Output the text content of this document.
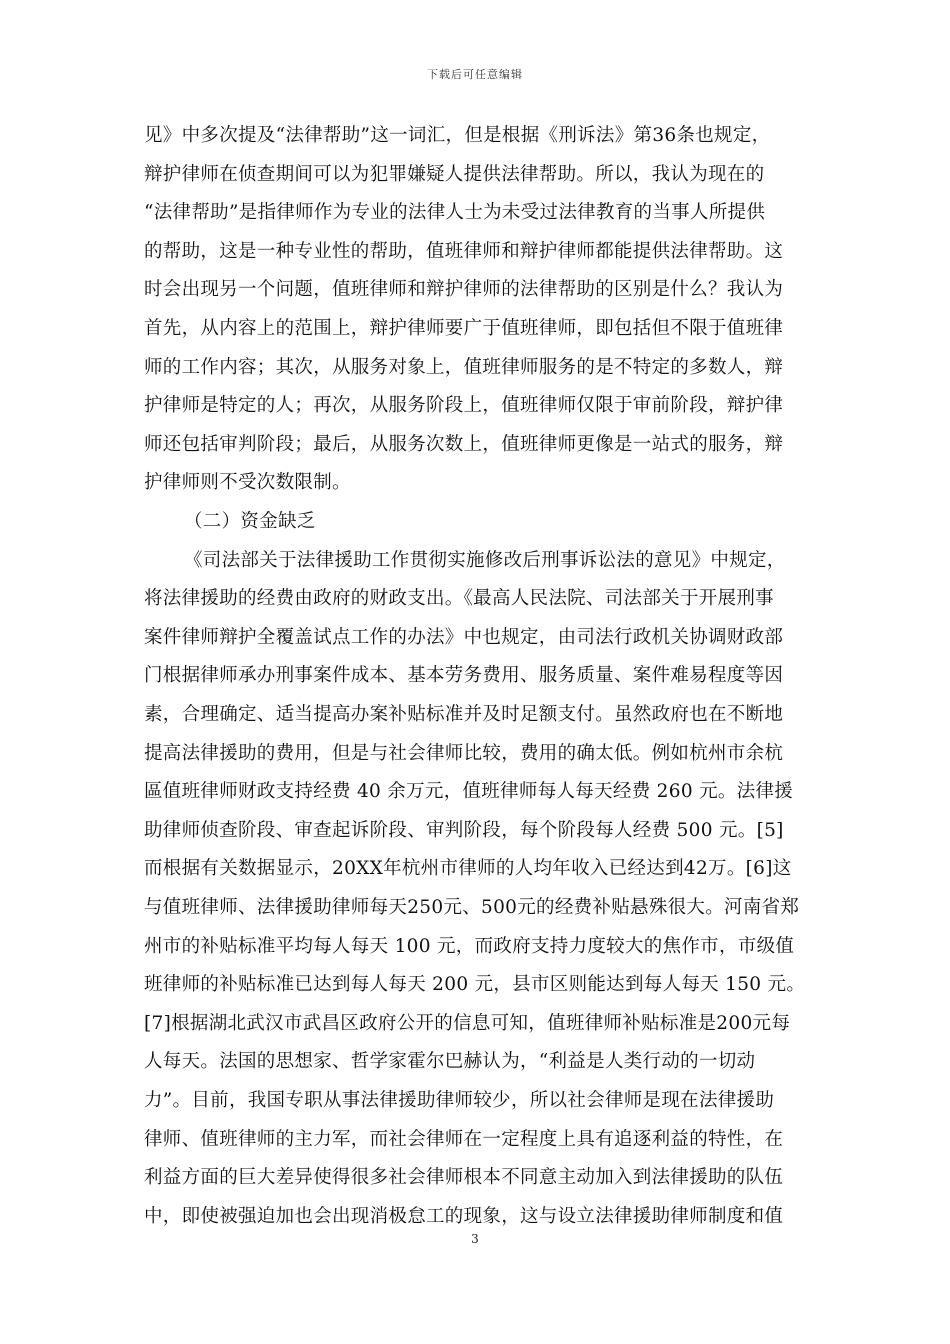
下载后可任意编辑
见》中多次提及“法律帮助”这一词汇，但是根据《刑诉法》第36条也规定，
辩护律师在侦查期间可以为犯罪嫌疑人提供法律帮助。所以，我认为现在的
“法律帮助”是指律师作为专业的法律人士为未受过法律教育的当事人所提供
的帮助，这是一种专业性的帮助，值班律师和辩护律师都能提供法律帮助。这
时会出现另一个问题，值班律师和辩护律师的法律帮助的区别是什么？我认为
首先，从内容上的范围上，辩护律师要广于值班律师，即包括但不限于值班律
师的工作内容；其次，从服务对象上，值班律师服务的是不特定的多数人，辩
护律师是特定的人；再次，从服务阶段上，值班律师仅限于审前阶段，辩护律
师还包括审判阶段；最后，从服务次数上，值班律师更像是一站式的服务，辩
护律师则不受次数限制。
（二）资金缺乏
《司法部关于法律援助工作贯彻实施修改后刑事诉讼法的意见》中规定，
将法律援助的经费由政府的财政支出。《最高人民法院、司法部关于开展刑事
案件律师辩护全覆盖试点工作的办法》中也规定，由司法行政机关协调财政部
门根据律师承办刑事案件成本、基本劳务费用、服务质量、案件难易程度等因
素，合理确定、适当提高办案补贴标准并及时足额支付。虽然政府也在不断地
提高法律援助的费用，但是与社会律师比较，费用的确太低。例如杭州市余杭
區值班律师财政支持经费 40 余万元，值班律师每人每天经费 260 元。法律援
助律师侦查阶段、审查起诉阶段、审判阶段，每个阶段每人经费 500 元。[5]
而根据有关数据显示，20XX年杭州市律师的人均年收入已经达到42万。[6]这
与值班律师、法律援助律师每天250元、500元的经费补贴悬殊很大。河南省郑
州市的补贴标准平均每人每天 100 元，而政府支持力度较大的焦作市，市级值
班律师的补贴标准已达到每人每天 200 元，县市区则能达到每人每天 150 元。
[7]根据湖北武汉市武昌区政府公开的信息可知，值班律师补贴标准是200元每
人每天。法国的思想家、哲学家霍尔巴赫认为，“利益是人类行动的一切动
力”。目前，我国专职从事法律援助律师较少，所以社会律师是现在法律援助
律师、值班律师的主力军，而社会律师在一定程度上具有追逐利益的特性，在
利益方面的巨大差异使得很多社会律师根本不同意主动加入到法律援助的队伍
中，即使被强迫加也会出现消极怠工的现象，这与设立法律援助律师制度和值
3
